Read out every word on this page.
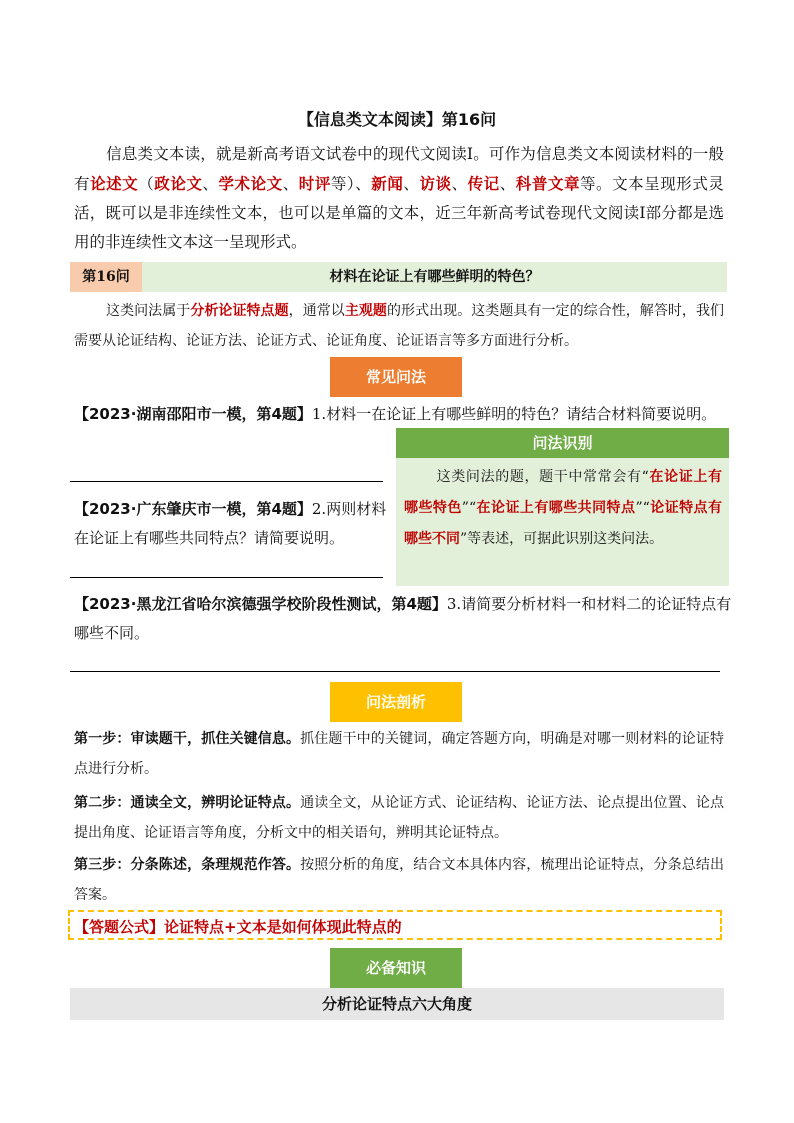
【信息类文本阅读】第16问
信息类文本读，就是新高考语文试卷中的现代文阅读Ⅰ。可作为信息类文本阅读材料的一般有论述文（政论文、学术论文、时评等）、新闻、访谈、传记、科普文章等。文本呈现形式灵活，既可以是非连续性文本，也可以是单篇的文本，近三年新高考试卷现代文阅读Ⅰ部分都是选用的非连续性文本这一呈现形式。
第16问	材料在论证上有哪些鲜明的特色？
这类问法属于分析论证特点题，通常以主观题的形式出现。这类题具有一定的综合性，解答时，我们需要从论证结构、论证方法、论证方式、论证角度、论证语言等多方面进行分析。
常见问法
【2023·湖南邵阳市一模，第4题】1.材料一在论证上有哪些鲜明的特色？请结合材料简要说明。
【2023·广东肇庆市一模，第4题】2.两则材料在论证上有哪些共同特点？请简要说明。
问法识别
这类问法的题，题干中常常会有“在论证上有哪些特色”“在论证上有哪些共同特点”“论证特点有哪些不同”等表述，可据此识别这类问法。
【2023·黑龙江省哈尔滨德强学校阶段性测试，第4题】3.请简要分析材料一和材料二的论证特点有哪些不同。
问法剖析
第一步：审读题干，抓住关键信息。抓住题干中的关键词，确定答题方向，明确是对哪一则材料的论证特点进行分析。
第二步：通读全文，辨明论证特点。通读全文，从论证方式、论证结构、论证方法、论点提出位置、论点提出角度、论证语言等角度，分析文中的相关语句，辨明其论证特点。
第三步：分条陈述，条理规范作答。按照分析的角度，结合文本具体内容，梳理出论证特点，分条总结出答案。
【答题公式】论证特点+文本是如何体现此特点的
必备知识
分析论证特点六大角度
